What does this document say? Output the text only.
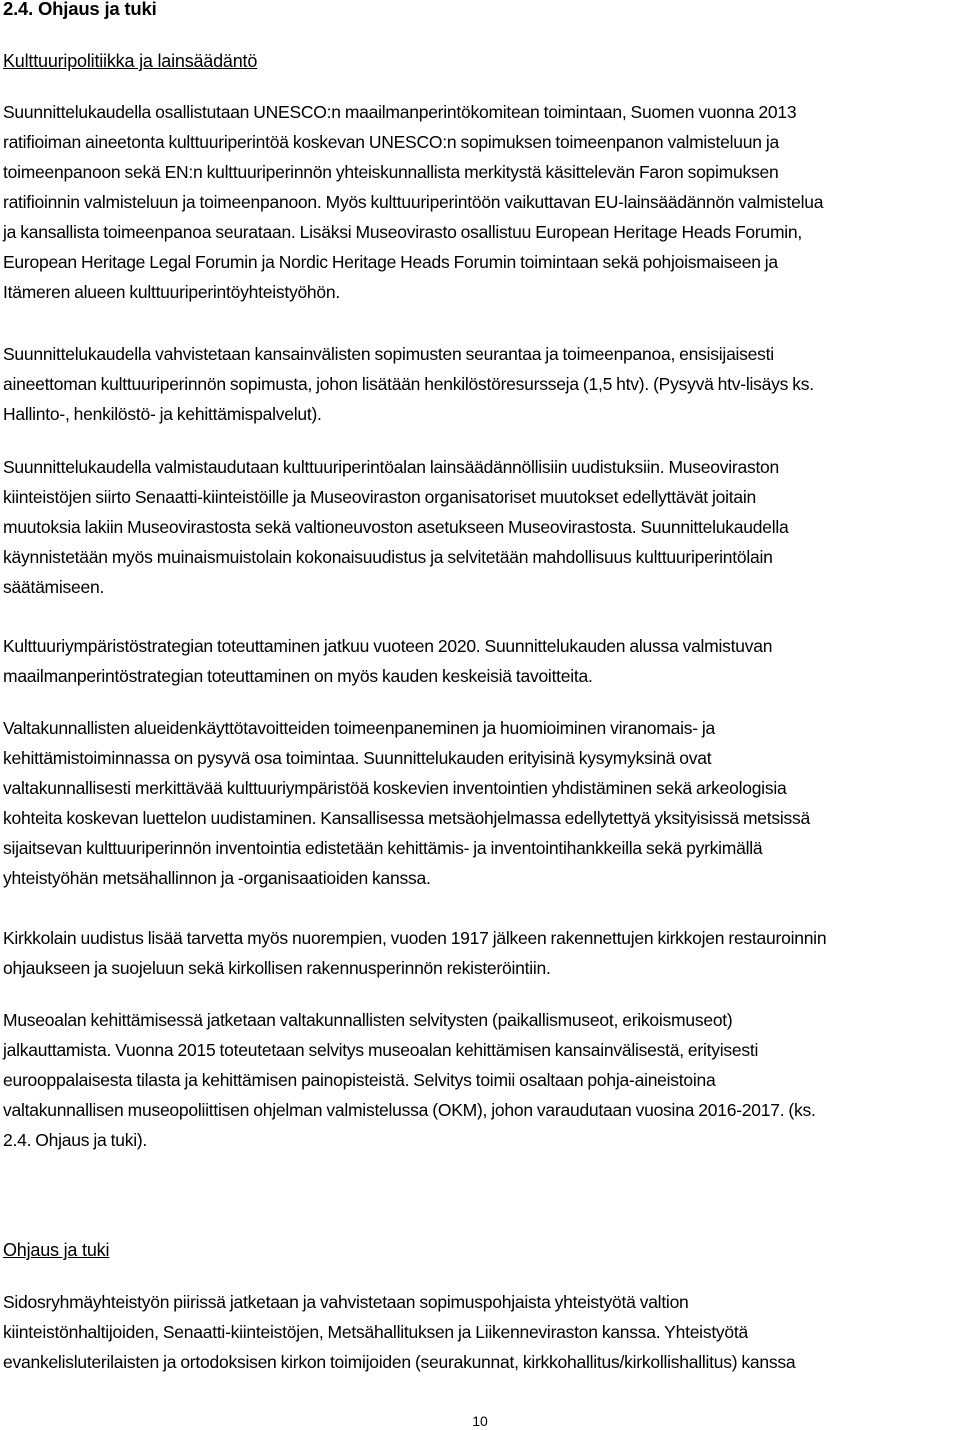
2.4. Ohjaus ja tuki
Kulttuuripolitiikka ja lainsäädäntö
Suunnittelukaudella osallistutaan UNESCO:n maailmanperintökomitean toimintaan, Suomen vuonna 2013
ratifioiman aineetonta kulttuuriperintöä koskevan UNESCO:n sopimuksen toimeenpanon valmisteluun ja
toimeenpanoon sekä EN:n kulttuuriperinnön yhteiskunnallista merkitystä käsittelevän Faron sopimuksen
ratifioinnin valmisteluun ja toimeenpanoon. Myös kulttuuriperintöön vaikuttavan EU-lainsäädännön valmistelua
ja kansallista toimeenpanoa seurataan. Lisäksi Museovirasto osallistuu European Heritage Heads Forumin,
European Heritage Legal Forumin ja Nordic Heritage Heads Forumin toimintaan sekä pohjoismaiseen ja
Itämeren alueen kulttuuriperintöyhteistyöhön.
Suunnittelukaudella vahvistetaan kansainvälisten sopimusten seurantaa ja toimeenpanoa, ensisijaisesti
aineettoman kulttuuriperinnön sopimusta, johon lisätään henkilöstöresursseja (1,5 htv). (Pysyvä htv-lisäys ks.
Hallinto-, henkilöstö- ja kehittämispalvelut).
Suunnittelukaudella valmistaudutaan kulttuuriperintöalan lainsäädännöllisiin uudistuksiin. Museoviraston
kiinteistöjen siirto Senaatti-kiinteistöille ja Museoviraston organisatoriset muutokset edellyttävät joitain
muutoksia lakiin Museovirastosta sekä valtioneuvoston asetukseen Museovirastosta. Suunnittelukaudella
käynnistetään myös muinaismuistolain kokonaisuudistus ja selvitetään mahdollisuus kulttuuriperintölain
säätämiseen.
Kulttuuriympäristöstrategian toteuttaminen jatkuu vuoteen 2020. Suunnittelukauden alussa valmistuvan
maailmanperintöstrategian toteuttaminen on myös kauden keskeisiä tavoitteita.
Valtakunnallisten alueidenkäyttötavoitteiden toimeenpaneminen ja huomioiminen viranomais- ja
kehittämistoiminnassa on pysyvä osa toimintaa. Suunnittelukauden erityisinä kysymyksinä ovat
valtakunnallisesti merkittävää kulttuuriympäristöä koskevien inventointien yhdistäminen sekä arkeologisia
kohteita koskevan luettelon uudistaminen. Kansallisessa metsäohjelmassa edellytettyä yksityisissä metsissä
sijaitsevan kulttuuriperinnön inventointia edistetään kehittämis- ja inventointihankkeilla sekä pyrkimällä
yhteistyöhän metsähallinnon ja -organisaatioiden kanssa.
Kirkkolain uudistus lisää tarvetta myös nuorempien, vuoden 1917 jälkeen rakennettujen kirkkojen restauroinnin
ohjaukseen ja suojeluun sekä kirkollisen rakennusperinnön rekisteröintiin.
Museoalan kehittämisessä jatketaan valtakunnallisten selvitysten (paikallismuseot, erikoismuseot)
jalkauttamista. Vuonna 2015 toteutetaan selvitys museoalan kehittämisen kansainvälisestä, erityisesti
eurooppalaisesta tilasta ja kehittämisen painopisteistä. Selvitys toimii osaltaan pohja-aineistoina
valtakunnallisen museopoliittisen ohjelman valmistelussa (OKM), johon varaudutaan vuosina 2016-2017. (ks.
2.4. Ohjaus ja tuki).
Ohjaus ja tuki
Sidosryhmäyhteistyön piirissä jatketaan ja vahvistetaan sopimuspohjaista yhteistyötä valtion
kiinteistönhaltijoiden, Senaatti-kiinteistöjen, Metsähallituksen ja Liikenneviraston kanssa. Yhteistyötä
evankelisluterilaisten ja ortodoksisen kirkon toimijoiden (seurakunnat, kirkkohallitus/kirkollishallitus) kanssa
10
